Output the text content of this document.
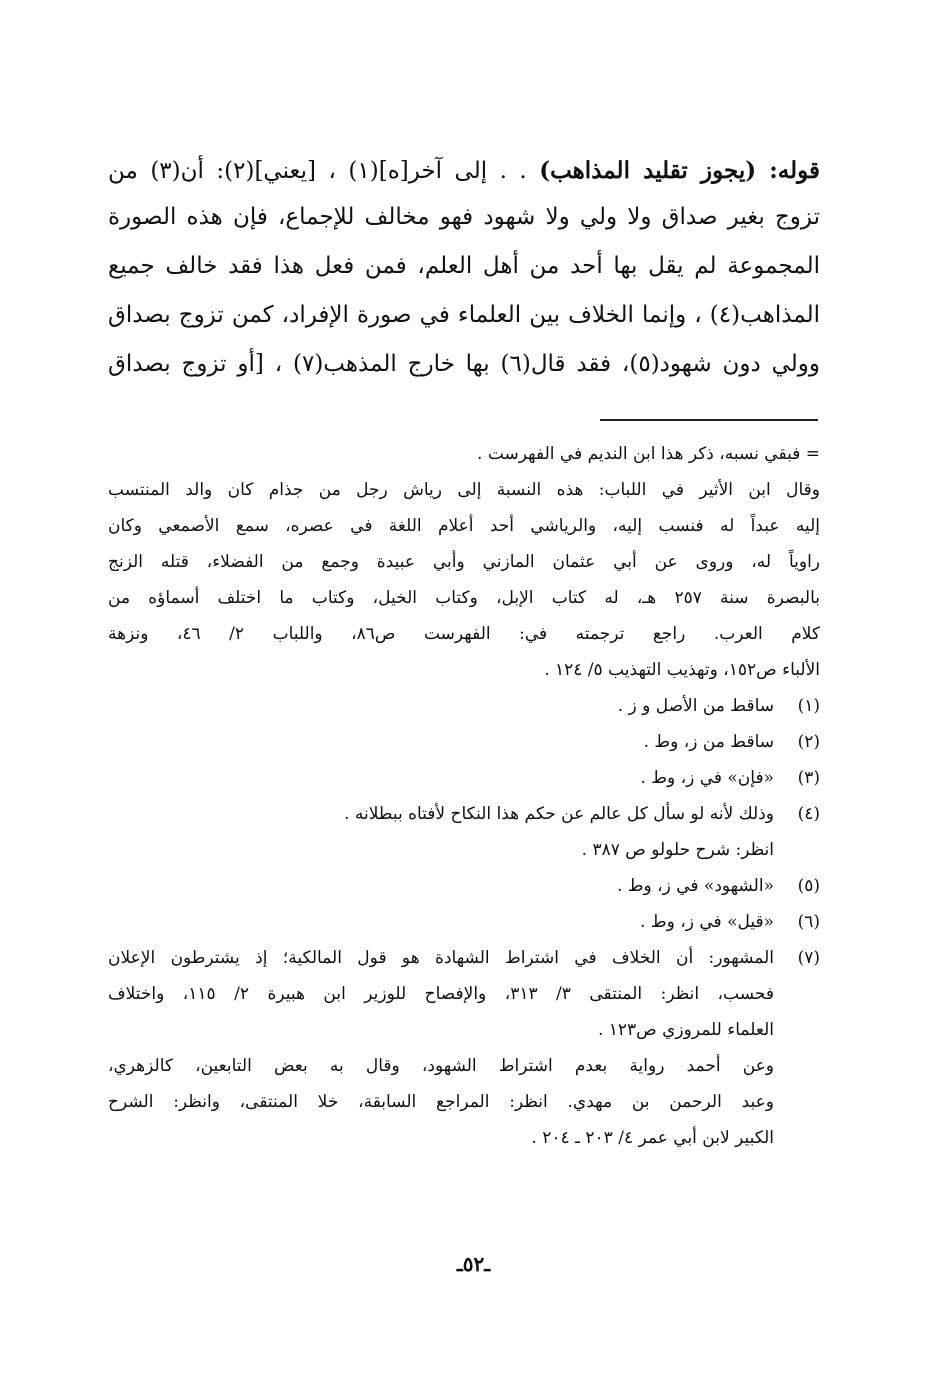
قوله: (يجوز تقليد المذاهب) . . إلى آخر[ه](١) ، [يعني](٢): أن(٣) من
تزوج بغير صداق ولا ولي ولا شهود فهو مخالف للإجماع، فإن هذه الصورة
المجموعة لم يقل بها أحد من أهل العلم، فمن فعل هذا فقد خالف جميع
المذاهب(٤) ، وإنما الخلاف بين العلماء في صورة الإفراد، كمن تزوج بصداق
وولي دون شهود(٥)، فقد قال(٦) بها خارج المذهب(٧) ، [أو تزوج بصداق
= فبقي نسبه، ذكر هذا ابن النديم في الفهرست .
وقال ابن الأثير في اللباب: هذه النسبة إلى رياش رجل من جذام كان والد المنتسب
إليه عبداً له فنسب إليه، والرياشي أحد أعلام اللغة في عصره، سمع الأصمعي وكان
راوياً له، وروى عن أبي عثمان المازني وأبي عبيدة وجمع من الفضلاء، قتله الزنج
بالبصرة سنة ٢٥٧ هـ، له كتاب الإبل، وكتاب الخيل، وكتاب ما اختلف أسماؤه من
كلام العرب. راجع ترجمته في: الفهرست ص٨٦، واللباب ٢/ ٤٦، ونزهة
الألباء ص١٥٢، وتهذيب التهذيب ٥/ ١٢٤ .
(١)ساقط من الأصل و ز .
(٢)ساقط من ز، وط .
(٣)«فإن» في ز، وط .
(٤)وذلك لأنه لو سأل كل عالم عن حكم هذا النكاح لأفتاه ببطلانه .
انظر: شرح حلولو ص ٣٨٧ .
(٥)«الشهود» في ز، وط .
(٦)«قيل» في ز، وط .
(٧)المشهور: أن الخلاف في اشتراط الشهادة هو قول المالكية؛ إذ يشترطون الإعلان
فحسب، انظر: المنتقى ٣/ ٣١٣، والإفصاح للوزير ابن هبيرة ٢/ ١١٥، واختلاف
العلماء للمروزي ص١٢٣ .
وعن أحمد رواية بعدم اشتراط الشهود، وقال به بعض التابعين، كالزهري،
وعبد الرحمن بن مهدي. انظر: المراجع السابقة، خلا المنتقى، وانظر: الشرح
الكبير لابن أبي عمر ٤/ ٢٠٣ ـ ٢٠٤ .
ـ٥٢ـ
